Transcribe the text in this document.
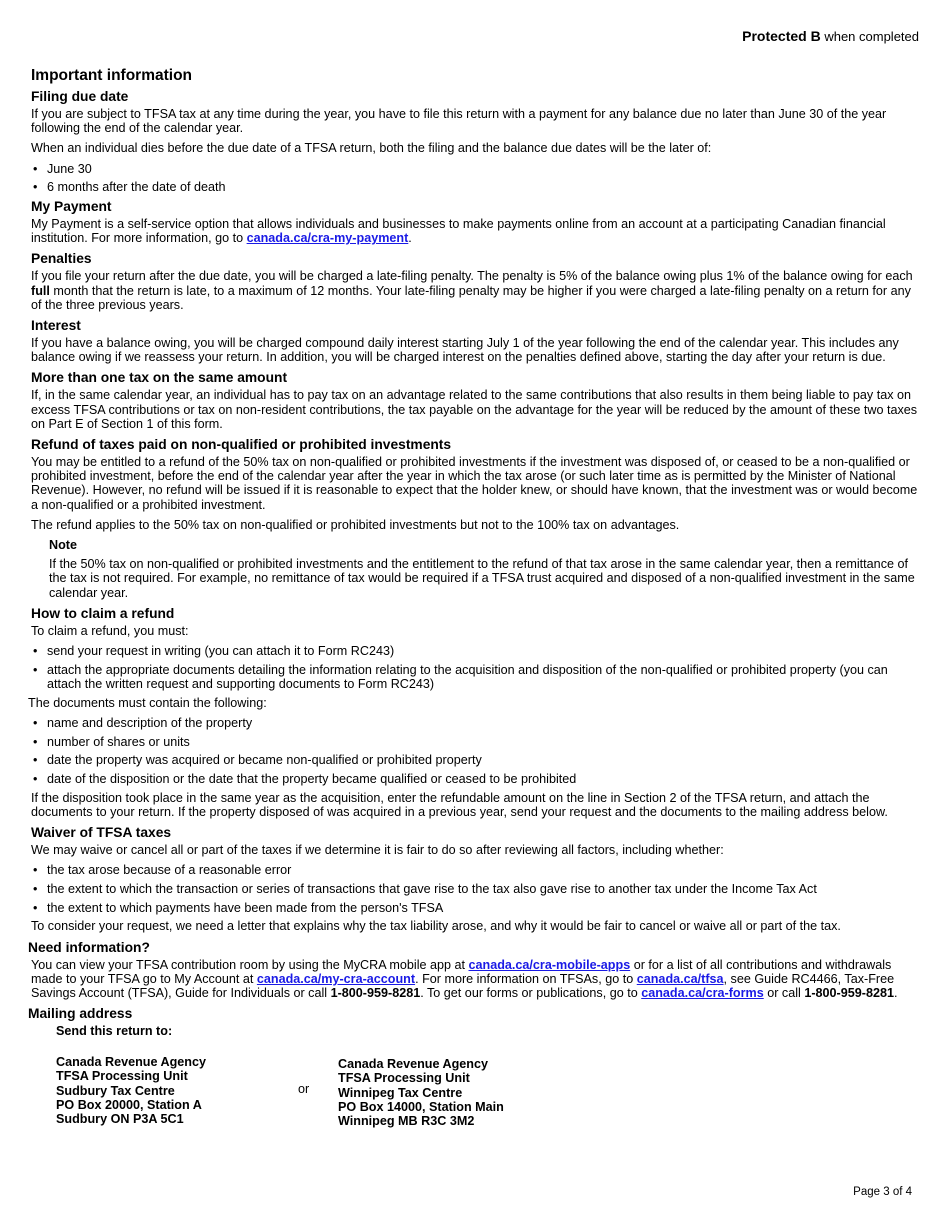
Protected B when completed
Important information
Filing due date

If you are subject to TFSA tax at any time during the year, you have to file this return with a payment for any balance due no later than June 30 of the year following the end of the calendar year.

When an individual dies before the due date of a TFSA return, both the filing and the balance due dates will be the later of:

• June 30
• 6 months after the date of death
My Payment

My Payment is a self-service option that allows individuals and businesses to make payments online from an account at a participating Canadian financial institution. For more information, go to canada.ca/cra-my-payment.

Penalties

If you file your return after the due date, you will be charged a late-filing penalty. The penalty is 5% of the balance owing plus 1% of the balance owing for each full month that the return is late, to a maximum of 12 months. Your late-filing penalty may be higher if you were charged a late-filing penalty on a return for any of the three previous years.

Interest

If you have a balance owing, you will be charged compound daily interest starting July 1 of the year following the end of the calendar year. This includes any balance owing if we reassess your return. In addition, you will be charged interest on the penalties defined above, starting the day after your return is due.

More than one tax on the same amount

If, in the same calendar year, an individual has to pay tax on an advantage related to the same contributions that also results in them being liable to pay tax on excess TFSA contributions or tax on non-resident contributions, the tax payable on the advantage for the year will be reduced by the amount of these two taxes on Part E of Section 1 of this form.

Refund of taxes paid on non-qualified or prohibited investments

You may be entitled to a refund of the 50% tax on non-qualified or prohibited investments if the investment was disposed of, or ceased to be a non-qualified or prohibited investment, before the end of the calendar year after the year in which the tax arose (or such later time as is permitted by the Minister of National Revenue). However, no refund will be issued if it is reasonable to expect that the holder knew, or should have known, that the investment was or would become a non-qualified or a prohibited investment.

The refund applies to the 50% tax on non-qualified or prohibited investments but not to the 100% tax on advantages.

Note

If the 50% tax on non-qualified or prohibited investments and the entitlement to the refund of that tax arose in the same calendar year, then a remittance of the tax is not required. For example, no remittance of tax would be required if a TFSA trust acquired and disposed of a non-qualified investment in the same calendar year.

How to claim a refund

To claim a refund, you must:

• send your request in writing (you can attach it to Form RC243)
• attach the appropriate documents detailing the information relating to the acquisition and disposition of the non-qualified or prohibited property (you can attach the written request and supporting documents to Form RC243)

The documents must contain the following:

• name and description of the property
• number of shares or units
• date the property was acquired or became non-qualified or prohibited property
• date of the disposition or the date that the property became qualified or ceased to be prohibited

If the disposition took place in the same year as the acquisition, enter the refundable amount on the line in Section 2 of the TFSA return, and attach the documents to your return. If the property disposed of was acquired in a previous year, send your request and the documents to the mailing address below.

Waiver of TFSA taxes

We may waive or cancel all or part of the taxes if we determine it is fair to do so after reviewing all factors, including whether:

• the tax arose because of a reasonable error
• the extent to which the transaction or series of transactions that gave rise to the tax also gave rise to another tax under the Income Tax Act
• the extent to which payments have been made from the person's TFSA

To consider your request, we need a letter that explains why the tax liability arose, and why it would be fair to cancel or waive all or part of the tax.

Need information?

You can view your TFSA contribution room by using the MyCRA mobile app at canada.ca/cra-mobile-apps or for a list of all contributions and withdrawals made to your TFSA go to My Account at canada.ca/my-cra-account. For more information on TFSAs, go to canada.ca/tfsa, see Guide RC4466, Tax-Free Savings Account (TFSA), Guide for Individuals or call 1-800-959-8281. To get our forms or publications, go to canada.ca/cra-forms or call 1-800-959-8281.

Mailing address
Send this return to:
Canada Revenue Agency
TFSA Processing Unit
Sudbury Tax Centre
PO Box 20000, Station A
Sudbury ON P3A 5C1
or
Canada Revenue Agency
TFSA Processing Unit
Winnipeg Tax Centre
PO Box 14000, Station Main
Winnipeg MB R3C 3M2
Page 3 of 4
